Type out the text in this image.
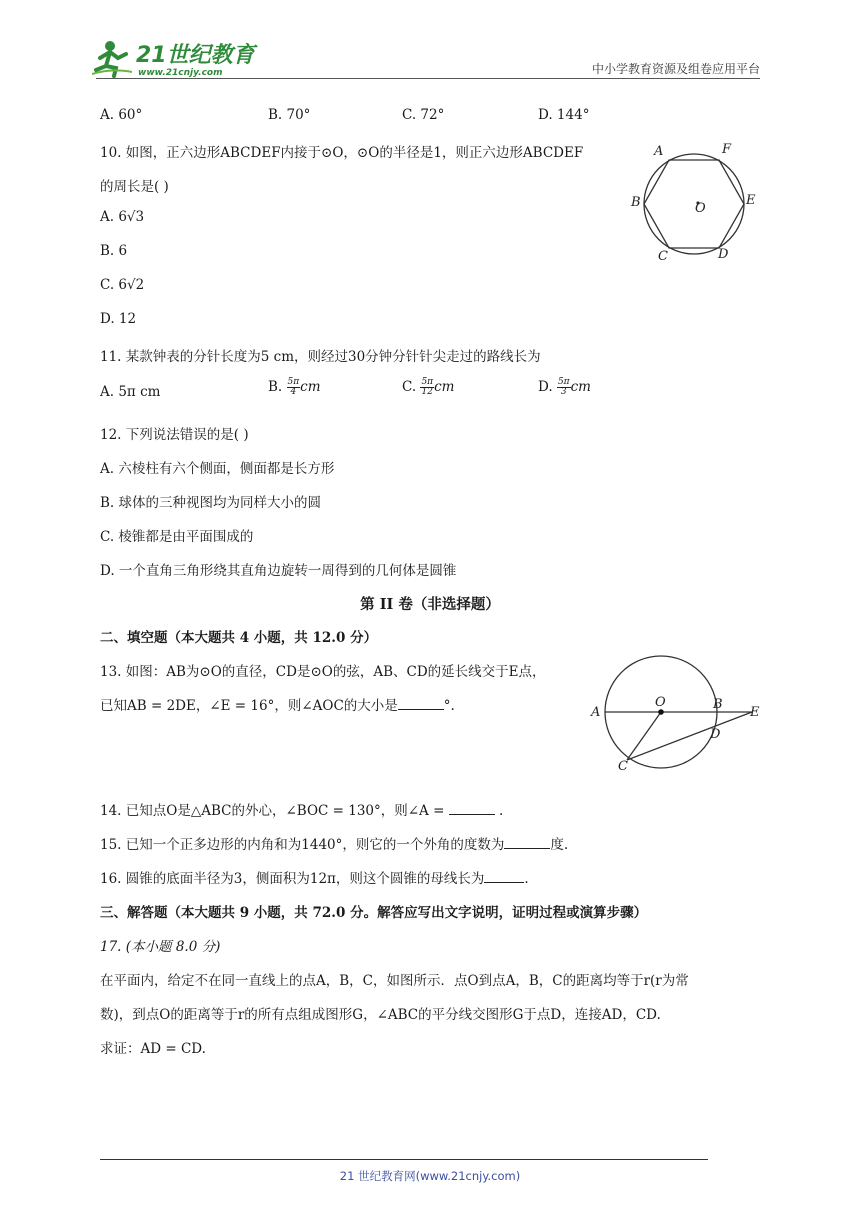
21世纪教育
www.21cnjy.com	中小学教育资源及组卷应用平台
A. 60°	B. 70°	C. 72°	D. 144°
10. 如图，正六边形ABCDEF内接于⊙O，⊙O的半径是1，则正六边形ABCDEF
的周长是( )
A. 6√3
B. 6
C. 6√2
D. 12
A	F
B	E
C	D
O
11. 某款钟表的分针长度为5 cm，则经过30分钟分针针尖走过的路线长为
A. 5π cm	B. $\frac{5\pi}{4}$ cm	C. $\frac{5\pi}{12}$ cm	D. $\frac{5\pi}{3}$ cm
12. 下列说法错误的是( )
A. 六棱柱有六个侧面，侧面都是长方形
B. 球体的三种视图均为同样大小的圆
C. 棱锥都是由平面围成的
D. 一个直角三角形绕其直角边旋转一周得到的几何体是圆锥
第 II 卷（非选择题）
二、填空题（本大题共 4 小题，共 12.0 分）
13. 如图：AB为⊙O的直径，CD是⊙O的弦，AB、CD的延长线交于E点，
已知AB = 2DE，∠E = 16°，则∠AOC的大小是	°.	A
O	B
E
D
C
14. 已知点O是△ABC的外心，∠BOC = 130°，则∠A =	.
15. 已知一个正多边形的内角和为1440°，则它的一个外角的度数为	度.
16. 圆锥的底面半径为3，侧面积为12π，则这个圆锥的母线长为	.
三、解答题（本大题共 9 小题，共 72.0 分。解答应写出文字说明，证明过程或演算步骤）
17. (本小题 8.0 分)
在平面内，给定不在同一直线上的点A，B，C，如图所示．点O到点A，B，C的距离均等于r(r为常
数)，到点O的距离等于r的所有点组成图形G，∠ABC的平分线交图形G于点D，连接AD，CD.
求证：AD = CD.
21 世纪教育网(www.21cnjy.com)
